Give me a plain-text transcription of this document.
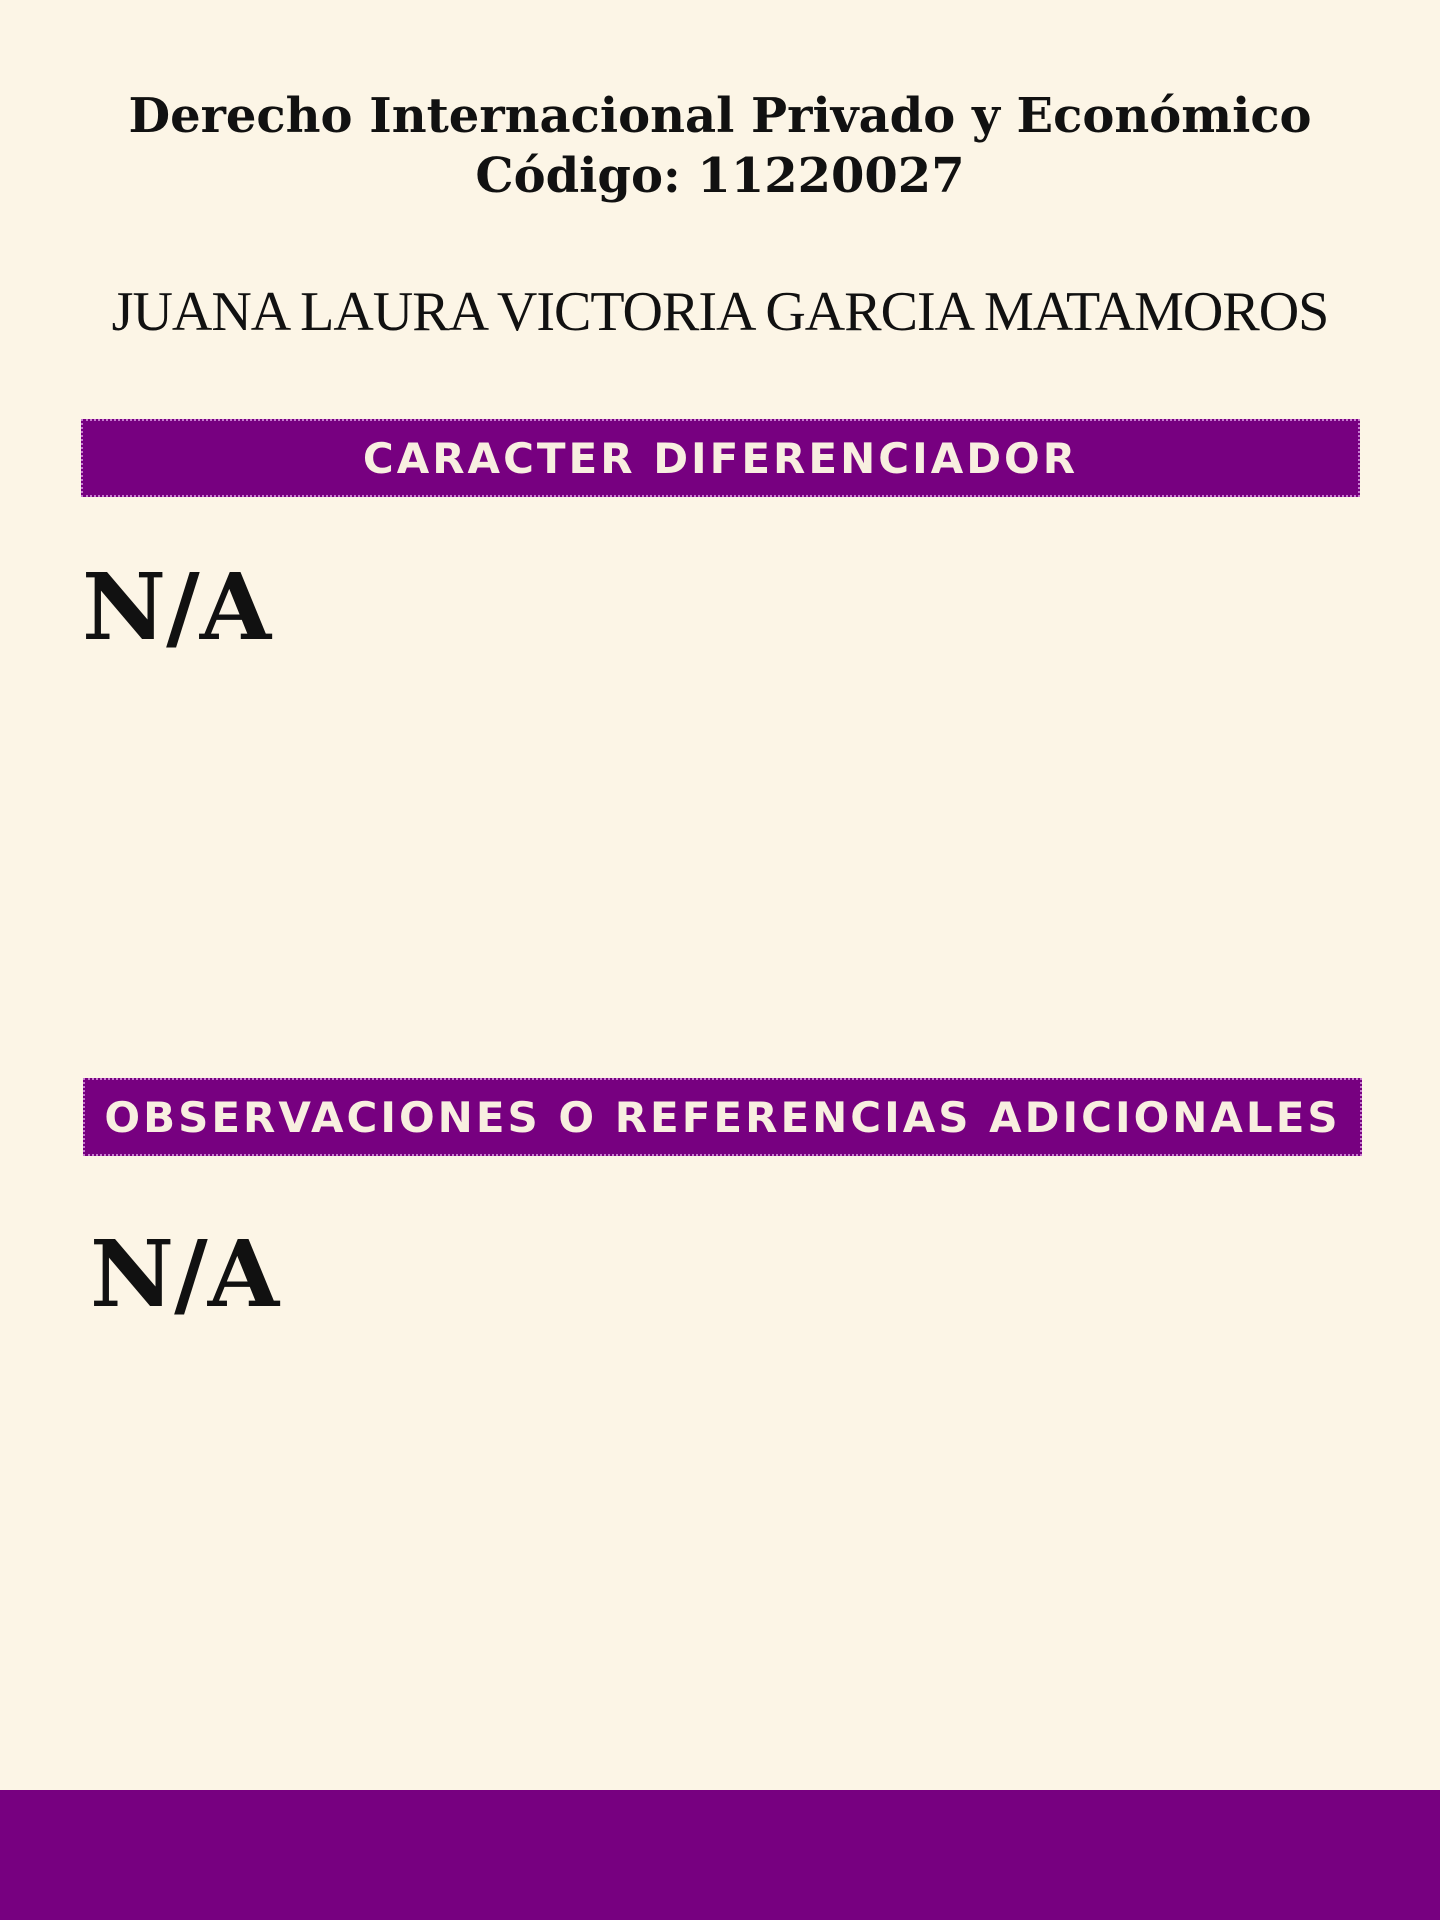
Derecho Internacional Privado y Económico
Código: 11220027

JUANA LAURA VICTORIA GARCIA MATAMOROS

CARACTER DIFERENCIADOR

N/A

OBSERVACIONES O REFERENCIAS ADICIONALES

N/A
